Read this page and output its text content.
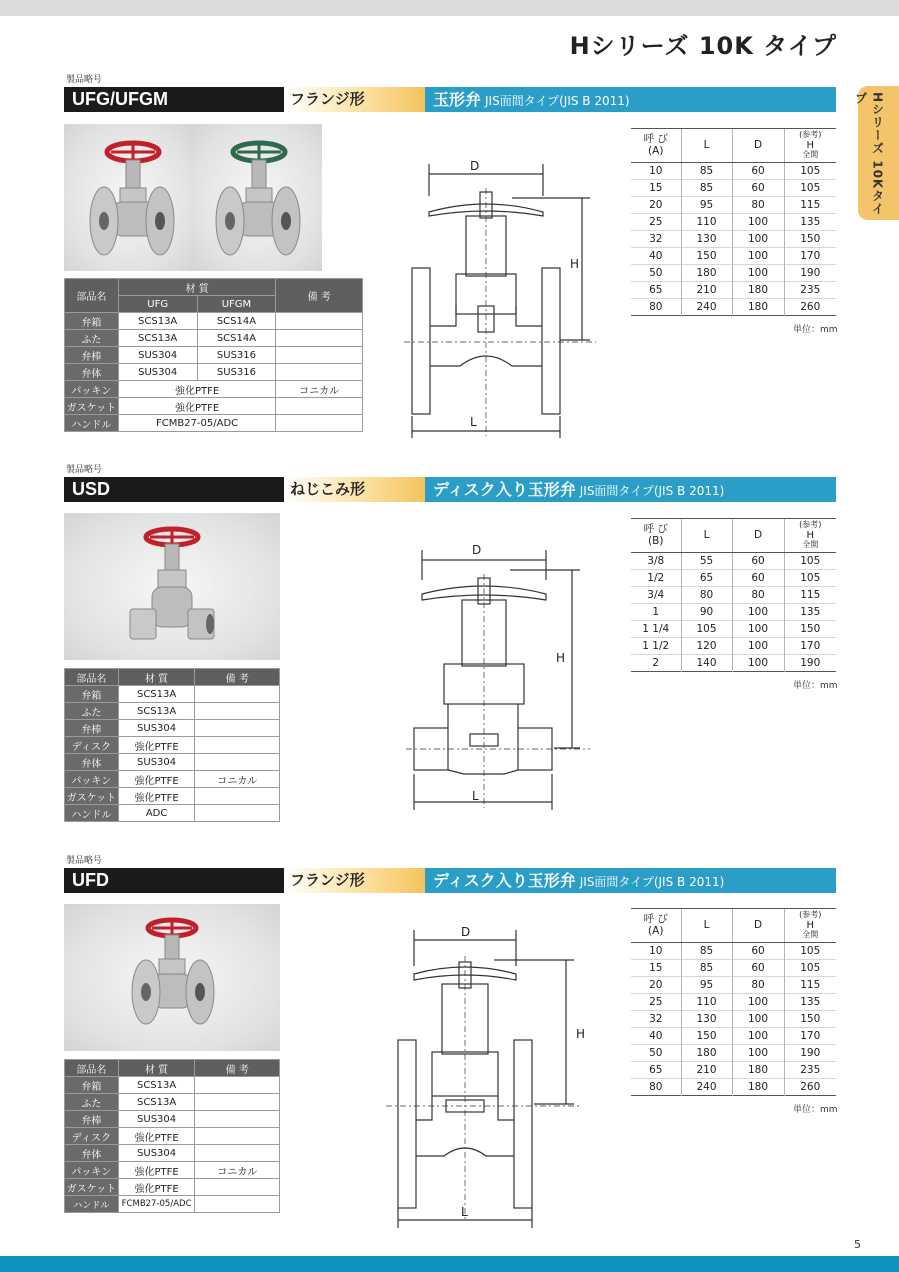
Hシリーズ 10K タイプ
Hシリーズ 10Kタイプ
製品略号
UFG/UFGM	フランジ形	玉形弁 JIS面間タイプ(JIS B 2011)
部品名	材 質		備 考
	UFG	UFGM	
弁箱	SCS13A	SCS14A	
ふた	SCS13A	SCS14A	
弁棒	SUS304	SUS316	
弁体	SUS304	SUS316	
パッキン	強化PTFE		コニカル
ガスケット	強化PTFE		
ハンドル	FCMB27-05/ADC		
D
H
L
呼 び
(A)	L	D	(参考)
H
全開

10	85	60	105
15	85	60	105
20	95	80	115
25	110	100	135
32	130	100	150
40	150	100	170
50	180	100	190
65	210	180	235
80	240	180	260
単位：mm
製品略号
USD	ねじこみ形	ディスク入り玉形弁 JIS面間タイプ(JIS B 2011)
部品名	材 質	備 考
弁箱	SCS13A	
ふた	SCS13A	
弁棒	SUS304	
ディスク	強化PTFE	
弁体	SUS304	
パッキン	強化PTFE	コニカル
ガスケット	強化PTFE	
ハンドル	ADC	
D
H
L
呼 び
(B)	L	D	(参考)
H
全開

3/8	55	60	105
1/2	65	60	105
3/4	80	80	115
1	90	100	135
1 1/4	105	100	150
1 1/2	120	100	170
2	140	100	190
単位：mm
製品略号
UFD	フランジ形	ディスク入り玉形弁 JIS面間タイプ(JIS B 2011)
部品名	材 質	備 考
弁箱	SCS13A	
ふた	SCS13A	
弁棒	SUS304	
ディスク	強化PTFE	
弁体	SUS304	
パッキン	強化PTFE	コニカル
ガスケット	強化PTFE	
ハンドル	FCMB27-05/ADC	
D
H
L
呼 び
(A)	L	D	(参考)
H
全開

10	85	60	105
15	85	60	105
20	95	80	115
25	110	100	135
32	130	100	150
40	150	100	170
50	180	100	190
65	210	180	235
80	240	180	260
単位：mm
5
